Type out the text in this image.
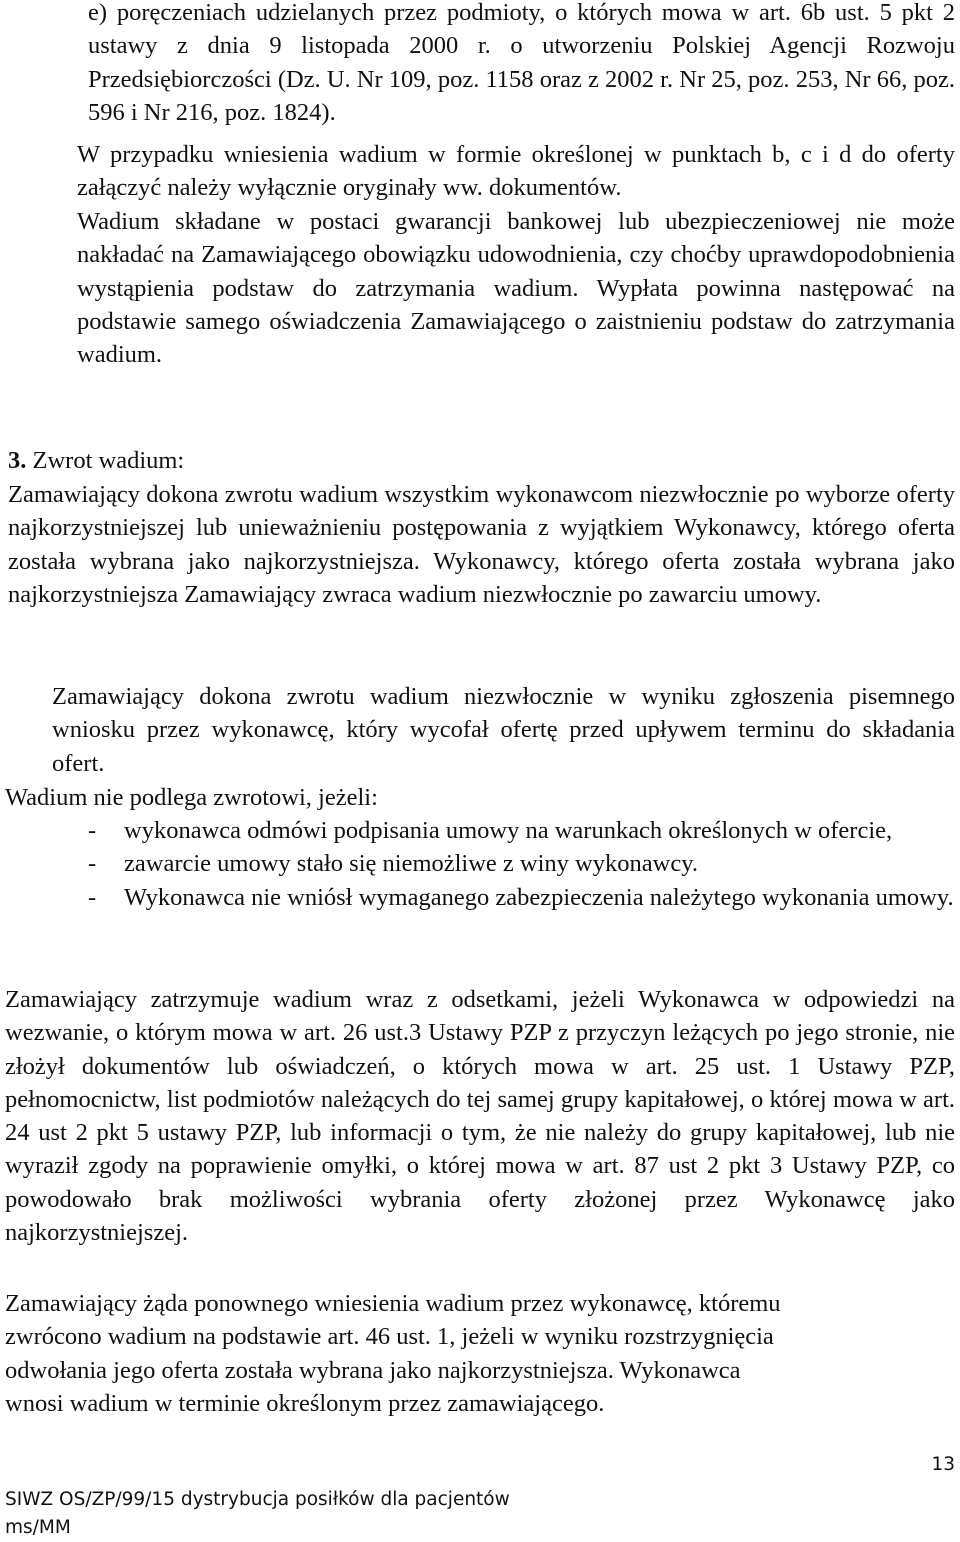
e) poręczeniach udzielanych przez podmioty, o których mowa w art. 6b ust. 5 pkt 2 ustawy z dnia 9 listopada 2000 r. o utworzeniu Polskiej Agencji Rozwoju Przedsiębiorczości (Dz. U. Nr 109, poz. 1158 oraz z 2002 r. Nr 25, poz. 253, Nr 66, poz. 596 i Nr 216, poz. 1824).

W przypadku wniesienia wadium w formie określonej w punktach b, c i d do oferty załączyć należy wyłącznie oryginały ww. dokumentów.

Wadium składane w postaci gwarancji bankowej lub ubezpieczeniowej nie może nakładać na Zamawiającego obowiązku udowodnienia, czy choćby uprawdopodobnienia wystąpienia podstaw do zatrzymania wadium. Wypłata powinna następować na podstawie samego oświadczenia Zamawiającego o zaistnieniu podstaw do zatrzymania wadium.

3. Zwrot wadium:

Zamawiający dokona zwrotu wadium wszystkim wykonawcom niezwłocznie po wyborze oferty najkorzystniejszej lub unieważnieniu postępowania z wyjątkiem Wykonawcy, którego oferta została wybrana jako najkorzystniejsza. Wykonawcy, którego oferta została wybrana jako najkorzystniejsza Zamawiający zwraca wadium niezwłocznie po zawarciu umowy.

Zamawiający dokona zwrotu wadium niezwłocznie w wyniku zgłoszenia pisemnego wniosku przez wykonawcę, który wycofał ofertę przed upływem terminu do składania ofert.

Wadium nie podlega zwrotowi, jeżeli:

- wykonawca odmówi podpisania umowy na warunkach określonych w ofercie,
- zawarcie umowy stało się niemożliwe z winy wykonawcy.
- Wykonawca nie wniósł wymaganego zabezpieczenia należytego wykonania umowy.

Zamawiający zatrzymuje wadium wraz z odsetkami, jeżeli Wykonawca w odpowiedzi na wezwanie, o którym mowa w art. 26 ust.3 Ustawy PZP z przyczyn leżących po jego stronie, nie złożył dokumentów lub oświadczeń, o których mowa w art. 25 ust. 1 Ustawy PZP, pełnomocnictw, list podmiotów należących do tej samej grupy kapitałowej, o której mowa w art. 24 ust 2 pkt 5 ustawy PZP, lub informacji o tym, że nie należy do grupy kapitałowej, lub nie wyraził zgody na poprawienie omyłki, o której mowa w art. 87 ust 2 pkt 3 Ustawy PZP, co powodowało brak możliwości wybrania oferty złożonej przez Wykonawcę jako najkorzystniejszej.

Zamawiający żąda ponownego wniesienia wadium przez wykonawcę, któremu
zwrócono wadium na podstawie art. 46 ust. 1, jeżeli w wyniku rozstrzygnięcia
odwołania jego oferta została wybrana jako najkorzystniejsza. Wykonawca
wnosi wadium w terminie określonym przez zamawiającego.
13
SIWZ OS/ZP/99/15 dystrybucja posiłków dla pacjentów
ms/MM
